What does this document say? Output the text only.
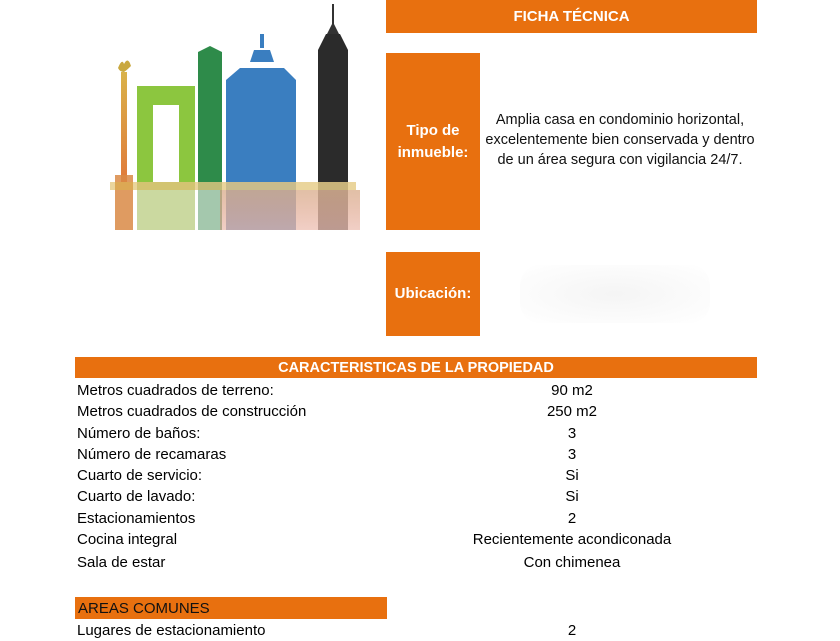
FICHA TÉCNICA
Tipo de inmueble:
Amplia casa en condominio horizontal, excelentemente bien conservada y dentro de un área segura con vigilancia 24/7.
Ubicación:
CARACTERISTICAS DE LA PROPIEDAD
Metros cuadrados de terreno:	90 m2
Metros cuadrados de construcción	250 m2
Número de baños:	3
Número de recamaras	3
Cuarto de servicio:	Si
Cuarto de lavado:	Si
Estacionamientos	2
Cocina integral	Recientemente acondiconada
Sala de estar	Con chimenea
AREAS COMUNES
Lugares de estacionamiento	2
